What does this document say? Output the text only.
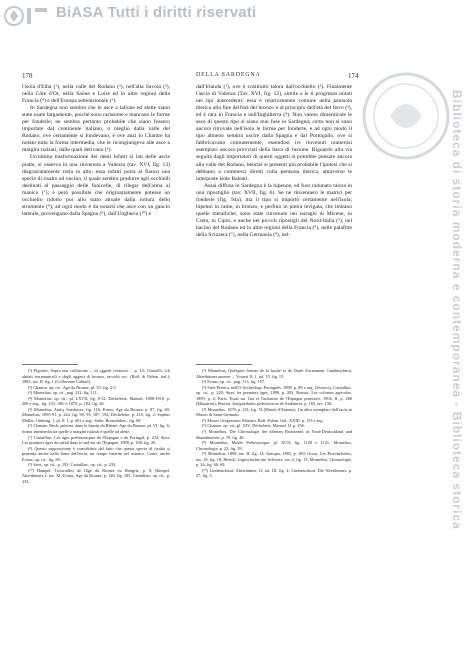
BiASA Tutti i diritti riservati
Biblioteca di storia moderna e contemporanea - Biblioteca storica
178	DELLA SARDEGNA	174

l'isola d'Elba (¹), nella valle del Rodano (²), nell'alta Savoia (³), nella Côte d'Or, nella Saône e Loire ed in altre regioni della Francia (⁴) e dell'Europa settentrionale (⁵).

In Sardegna non sembra che le asce a tallone ed alette siano state usate largamente, poichè sono rarissime e mancano le forme per fonderle; ne sembra pertanto probabile che siano fossero importate dal continente italiano, o meglio dalla valle del Rodano, ove certamente si fondevano, e ove anzi lo Chantre ha notato tutta la forma intermedia, che le ricongiungeva alle asce a margini rialzati, dalle quali derivano (⁶).

Un'ultima trasformazione dei denti infatti si lati delle ascie piatte, si osserva in una rinvenuta a Valenza (tav. XVI, fig. 13) disgraziatamente rotta in alto; essa infatti porta al fianco una specie di risalto ad uncino, il quale sembra produrre agli occhielli destinati al passaggio delle funicelle, di rilegar dell'arma al manico (⁷); è però possibile che originariamente potesse un occhiello ridotto poi allo stato attuale dalla rottura dello strumento (⁸); ad ogni modo è da notarsi che asce con un gancio laterale, provengono dalla Spagna (⁹), dall'Ungheria (¹⁰) e

(¹) Pigorini, Sopra una collezione ... di oggetti ceramici ... p. 10; Chiarelli, Gli abitati terramaricoli e degli oggetti di bronzo, raccolti ecc. (Bull. di Paletn. ital.), 1885, tav. II, fig. 1 (Collezione Cabiati).
(²) Chantre, op. cit., Age du Bronze, pl. VI, fig. 2-5.
(³) Montelius, op. cit., pag. 212, fig. 111.
(⁴) Montelius, op. cit., pl. LXVII, fig. 8-12; Déchelette, Manuel, 1888-1910, p. 206 e seg., fig. 133, 186; e 1879, p. 182, fig. 36.
(⁵) Montelius, Antiq. Suédoises, fig. 116; Evans, Age du Bronze, p. 87, fig. 60; Montelius, 1895-91, p. 224, fig. 90, 93, 187, 192; Déchelette, p. 210, fig. 2; Sophus Müller, Ordning, 1, pl. 8; 1, p. 201 e seg.; Salin, Bronsålders., fig. 68.
(⁶) Chantre, Rech. paleont. dans le bassin du Rhône: Age du Bronze, pl. VI, fig. 6; forma intermedia tra quelle a margini rialzati e quelle ad alette.
(⁷) Cartailhac, Les âges préhistoriques de l'Espagne e du Portugal, p. 232; Siret, Les premiers âges du métal dans le sud-est de l'Espagne, 1888, p. 168, fig. 20.
(⁸) Questo supposizione è convalidata dal fatto che questa specie di risalto si presenta anche nella lama dell'ascia, un tempo inserita nel manico. Confr. anche Evans, op. cit., fig. 69.
(⁹) Siret, op. cit., p. 193; Cartailhac, op. cit., p. 233.
(¹⁰) Hampel, Trouvailles de l'âge du Bronze en Hongrie, p. 8; Hampel, Alterthümer, I, tav. XI; Evans, Age du Bronze, p. 148, fig. 185; Cartailhac, op. cit., p. 233.

dall'Irlanda (¹), ove è costituito talora dall'occhiello (²). Finalmente l'ascia di Valenza (Tav. XVI, fig. 12), simile a le ti progresso notati nei tipi antecedenti; essa è relativamente comune nella penisola iberica alla fine dell'età del bronzo e al principio dell'età del ferro (³), ed è rara in Francia e nell'Inghilterra (⁴). Non vanno dimenticate le asce di questo tipo si siano mai fuse in Sardegna; certo non si sono ancora ritrovate nell'isola le forme per fonderle, e ad ogni modo il tipo almeno sembra uscire dalla Spagna e dal Portogallo, ove si fabbricavano comunemente, essendosi ivi rinvenuti numerosi esemplari ancora provvisti della bava di fusione. Riguardo alla via seguita dagli importatori di questi oggetti si potrebbe pensare ancora alla valle del Rodano, benchè si presenti più probabile l'ipotesi che si debbano a commerci diretti colla penisola iberica, attraverso le interposte isole Baleari.

Assai diffusa in Sardegna è la bipenne, ed fuor radunato talora in una ripostiglio (tav. XVII, fig. 6). Se ne rinvennero le matrici per fonderle (fig. 94a), ma il tipo si importò certamente nell'isola; bipenni in rame, in bronzo, e perfino in pietra levigata, che imitano quelle metalliche, sono state rinvenute nei nuraghi di Micene, in Creta, in Cipro, e anche nei piccoli ripostigli del Nord-Italia (⁵), nel bacino del Rodano ed in altre regioni della Francia (⁶), nelle palafitte della Svizzera (⁷), nella Germania (⁸), nel-

(¹) Montelius, Quelques formes de la hache et de l'épée d'ornement. Lindenschmit, Alterthümer unserer ... Vorzeit II, 1, taf. VI, fig. 15.
(²) Evans, op. cit., pag. 113, fig. 107.
(³) Siret Pereira, nell'O Archeologo Português, 1898, p. 88 e seg. (Tesoros); Cartailhac, op. cit., p. 220; Siret, les premiers âges, 1890, p. 283; Bonsor, Les colonies agricoles, 1899, p. 2; Paris, Essai sur l'art et l'industrie de l'Espagne primitive, 1904, II, p. 260 (Mazarrón); Pereira, Antigüedades prehistóricas de Andalucía, p. 165, tav. 138.
(⁴) Montelius, 1879, p. 321, fig. 74 (Musée d'Amiens). Un altro esemplare dell'ascia in Museo di Saint-Germain.
(⁵) Museo Gregoriano; Mariani, Bull. Paletn. Ital., XXIII, p. 153 e seg.
(⁶) Chantre, op. cit., pl. XIV; Déchelette, Manuel, II, p. 256.
(⁷) Montelius, Die Chronologie der ältesten Bronzezeit in Nord-Deutschland und Skandinavien, p. 78, fig. 46.
(⁸) Montelius, Musée Préhistorique, pl. XCII, fig. 1120 e 1121; Montelius, Chronologie, p. 22, fig. 59.
(⁹) Montelius, 1898, tav. II, fig. 14; Antiqua, 1885, p. 180; Gross, Les Protohelvètes, tav. 18, fig. 18; Heierli, Urgeschichte der Schweiz, tav. 2, fig. 15; Montelius, Chronologie, p. 24, fig. 66, 69.
(¹⁰) Lindenschmit, Alterthümer, II, taf. III, fig. 4; Lindenschmit, Die Alterthümer, p. 37, fig. 3.
